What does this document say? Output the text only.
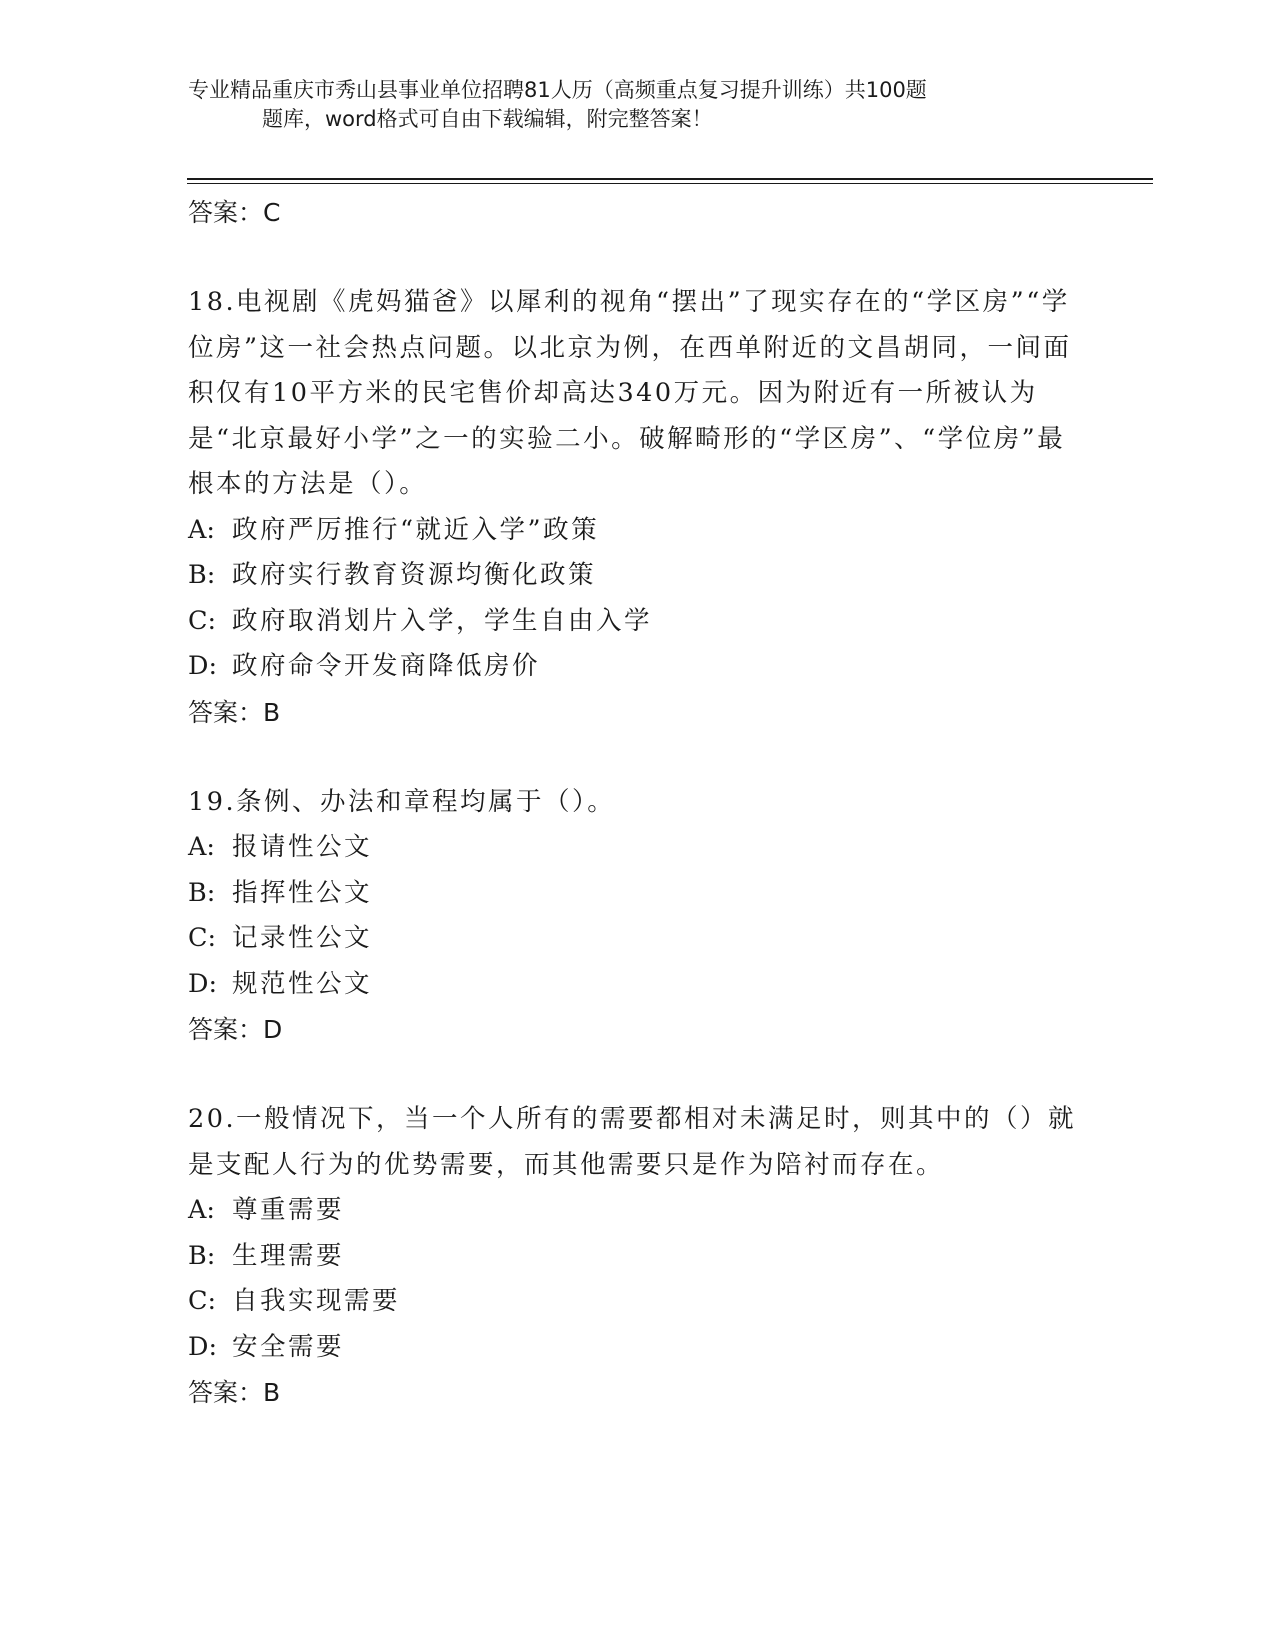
专业精品重庆市秀山县事业单位招聘81人历（高频重点复习提升训练）共100题
题库，word格式可自由下载编辑，附完整答案！
答案：C
18.电视剧《虎妈猫爸》以犀利的视角“摆出”了现实存在的“学区房”“学位房”这一社会热点问题。以北京为例，在西单附近的文昌胡同，一间面积仅有10平方米的民宅售价却高达340万元。因为附近有一所被认为是“北京最好小学”之一的实验二小。破解畸形的“学区房”、“学位房”最根本的方法是（）。
A: 政府严厉推行“就近入学”政策
B: 政府实行教育资源均衡化政策
C: 政府取消划片入学，学生自由入学
D: 政府命令开发商降低房价
答案：B
19.条例、办法和章程均属于（）。
A: 报请性公文
B: 指挥性公文
C: 记录性公文
D: 规范性公文
答案：D
20.一般情况下，当一个人所有的需要都相对未满足时，则其中的（）就是支配人行为的优势需要，而其他需要只是作为陪衬而存在。
A: 尊重需要
B: 生理需要
C: 自我实现需要
D: 安全需要
答案：B
